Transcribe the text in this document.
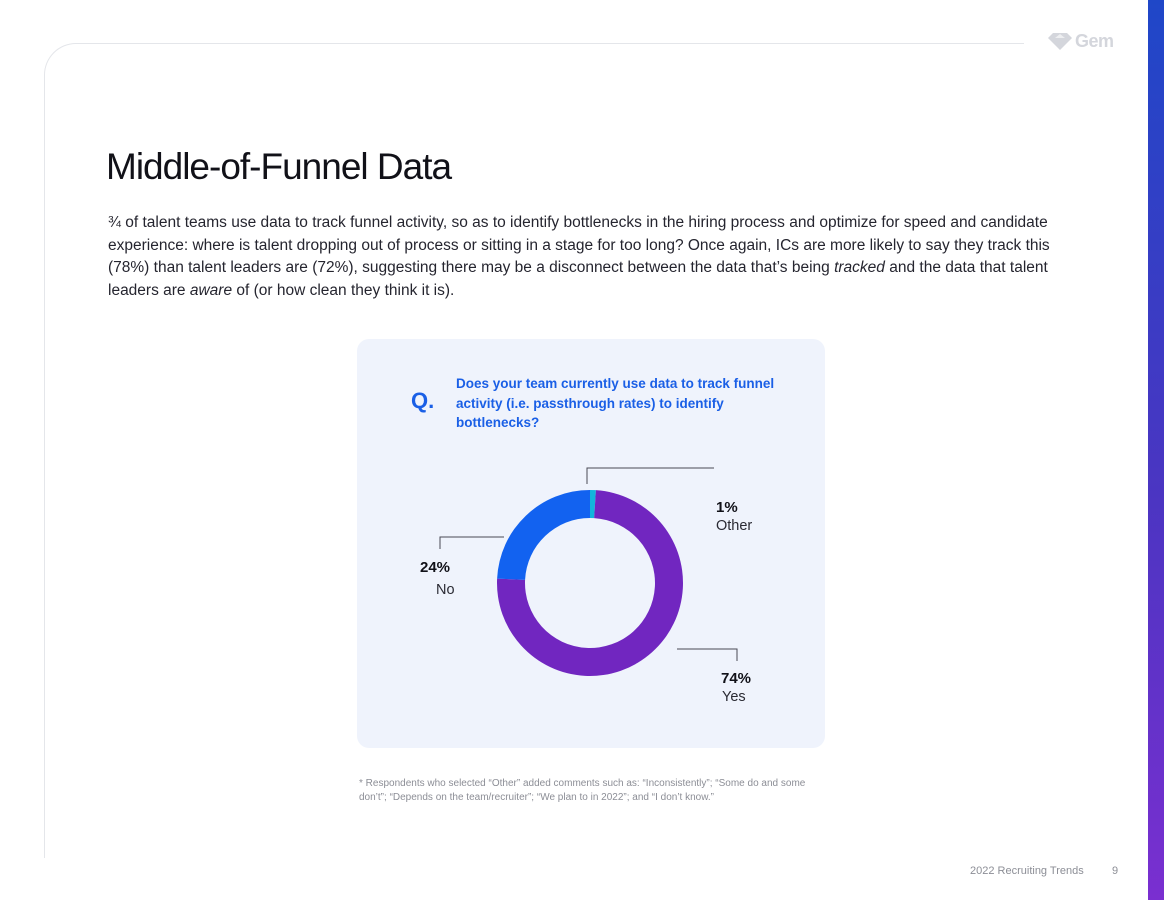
Gem
Middle-of-Funnel Data

¾ of talent teams use data to track funnel activity, so as to identify bottlenecks in the hiring process and optimize for speed and candidate experience: where is talent dropping out of process or sitting in a stage for too long? Once again, ICs are more likely to say they track this (78%) than talent leaders are (72%), suggesting there may be a disconnect between the data that’s being tracked and the data that talent leaders are aware of (or how clean they think it is).

Q.

Does your team currently use data to track funnel activity (i.e. passthrough rates) to identify bottlenecks?

1%
Other
24%
No
74%
Yes

* Respondents who selected “Other” added comments such as: “Inconsistently”; “Some do and some don’t”; “Depends on the team/recruiter”; “We plan to in 2022”; and “I don’t know.”

2022 Recruiting Trends	9
